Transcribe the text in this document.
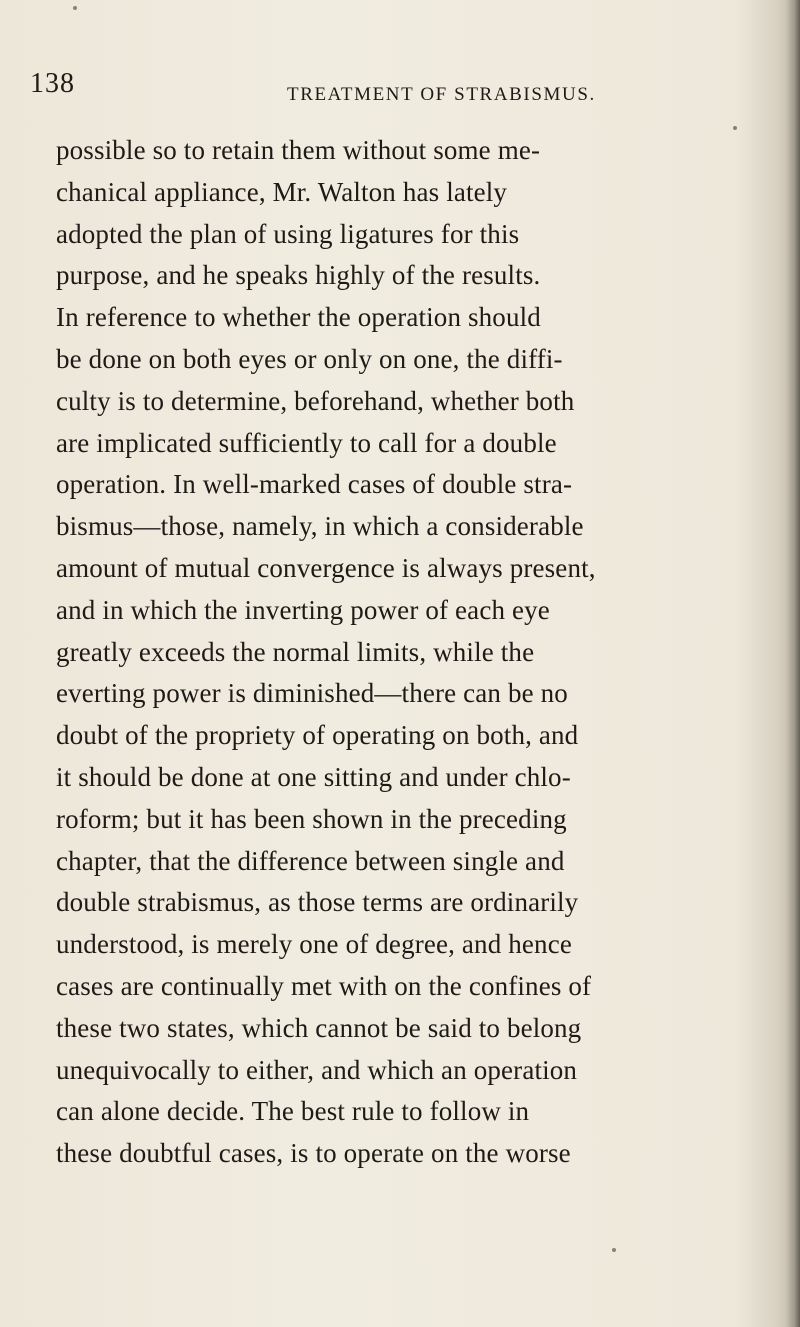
138	TREATMENT OF STRABISMUS.
possible so to retain them without some me-
chanical appliance, Mr. Walton has lately
adopted the plan of using ligatures for this
purpose, and he speaks highly of the results.
In reference to whether the operation should
be done on both eyes or only on one, the diffi-
culty is to determine, beforehand, whether both
are implicated sufficiently to call for a double
operation. In well-marked cases of double stra-
bismus—those, namely, in which a considerable
amount of mutual convergence is always present,
and in which the inverting power of each eye
greatly exceeds the normal limits, while the
everting power is diminished—there can be no
doubt of the propriety of operating on both, and
it should be done at one sitting and under chlo-
roform; but it has been shown in the preceding
chapter, that the difference between single and
double strabismus, as those terms are ordinarily
understood, is merely one of degree, and hence
cases are continually met with on the confines of
these two states, which cannot be said to belong
unequivocally to either, and which an operation
can alone decide. The best rule to follow in
these doubtful cases, is to operate on the worse
